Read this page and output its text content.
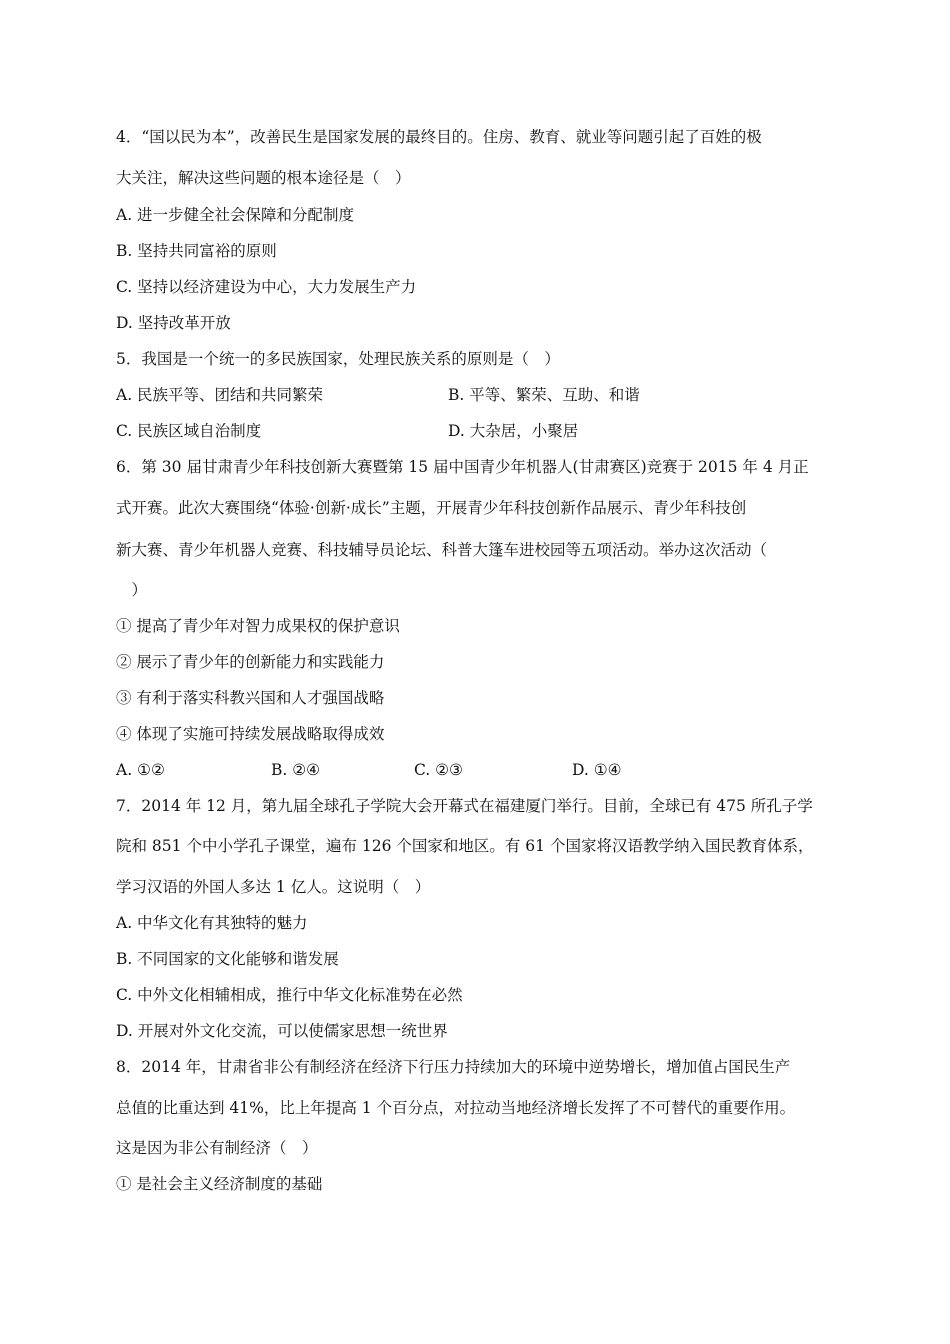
4．“国以民为本”，改善民生是国家发展的最终目的。住房、教育、就业等问题引起了百姓的极
大关注，解决这些问题的根本途径是（　）
A. 进一步健全社会保障和分配制度
B. 坚持共同富裕的原则
C. 坚持以经济建设为中心，大力发展生产力
D. 坚持改革开放
5．我国是一个统一的多民族国家，处理民族关系的原则是（　）
A. 民族平等、团结和共同繁荣	B. 平等、繁荣、互助、和谐
C. 民族区域自治制度	D. 大杂居，小聚居
6．第 30 届甘肃青少年科技创新大赛暨第 15 届中国青少年机器人(甘肃赛区)竞赛于 2015 年 4 月正
式开赛。此次大赛围绕“体验·创新·成长”主题，开展青少年科技创新作品展示、青少年科技创
新大赛、青少年机器人竞赛、科技辅导员论坛、科普大篷车进校园等五项活动。举办这次活动（
　）
① 提高了青少年对智力成果权的保护意识
② 展示了青少年的创新能力和实践能力
③ 有利于落实科教兴国和人才强国战略
④ 体现了实施可持续发展战略取得成效
A. ①②	B. ②④	C. ②③	D. ①④
7．2014 年 12 月，第九届全球孔子学院大会开幕式在福建厦门举行。目前，全球已有 475 所孔子学
院和 851 个中小学孔子课堂，遍布 126 个国家和地区。有 61 个国家将汉语教学纳入国民教育体系，
学习汉语的外国人多达 1 亿人。这说明（　）
A. 中华文化有其独特的魅力
B. 不同国家的文化能够和谐发展
C. 中外文化相辅相成，推行中华文化标准势在必然
D. 开展对外文化交流，可以使儒家思想一统世界
8．2014 年，甘肃省非公有制经济在经济下行压力持续加大的环境中逆势增长，增加值占国民生产
总值的比重达到 41%，比上年提高 1 个百分点，对拉动当地经济增长发挥了不可替代的重要作用。
这是因为非公有制经济（　）
① 是社会主义经济制度的基础
